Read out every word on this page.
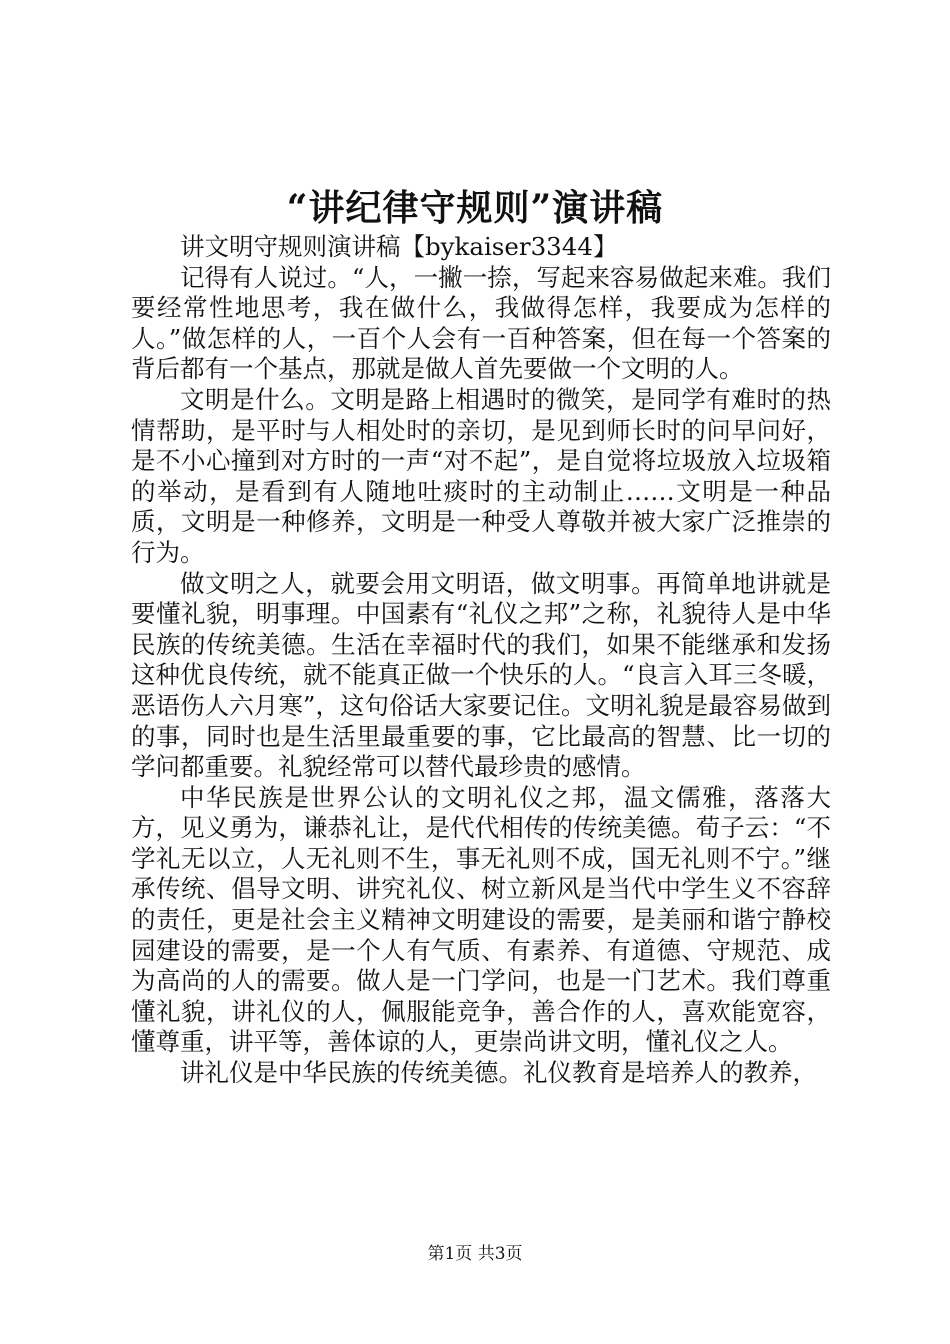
“讲纪律守规则”演讲稿

讲文明守规则演讲稿【bykaiser3344】

记得有人说过。“人，一撇一捺，写起来容易做起来难。我们要经常性地思考，我在做什么，我做得怎样，我要成为怎样的人。”做怎样的人，一百个人会有一百种答案，但在每一个答案的背后都有一个基点，那就是做人首先要做一个文明的人。

文明是什么。文明是路上相遇时的微笑，是同学有难时的热情帮助，是平时与人相处时的亲切，是见到师长时的问早问好，是不小心撞到对方时的一声“对不起”，是自觉将垃圾放入垃圾箱的举动，是看到有人随地吐痰时的主动制止……文明是一种品质，文明是一种修养，文明是一种受人尊敬并被大家广泛推崇的行为。

做文明之人，就要会用文明语，做文明事。再简单地讲就是要懂礼貌，明事理。中国素有“礼仪之邦”之称，礼貌待人是中华民族的传统美德。生活在幸福时代的我们，如果不能继承和发扬这种优良传统，就不能真正做一个快乐的人。“良言入耳三冬暖，恶语伤人六月寒”，这句俗话大家要记住。文明礼貌是最容易做到的事，同时也是生活里最重要的事，它比最高的智慧、比一切的学问都重要。礼貌经常可以替代最珍贵的感情。

中华民族是世界公认的文明礼仪之邦，温文儒雅，落落大方，见义勇为，谦恭礼让，是代代相传的传统美德。荀子云：“不学礼无以立，人无礼则不生，事无礼则不成，国无礼则不宁。”继承传统、倡导文明、讲究礼仪、树立新风是当代中学生义不容辞的责任，更是社会主义精神文明建设的需要，是美丽和谐宁静校园建设的需要，是一个人有气质、有素养、有道德、守规范、成为高尚的人的需要。做人是一门学问，也是一门艺术。我们尊重懂礼貌，讲礼仪的人，佩服能竞争，善合作的人，喜欢能宽容，懂尊重，讲平等，善体谅的人，更崇尚讲文明，懂礼仪之人。

讲礼仪是中华民族的传统美德。礼仪教育是培养人的教养，

第1页 共3页
